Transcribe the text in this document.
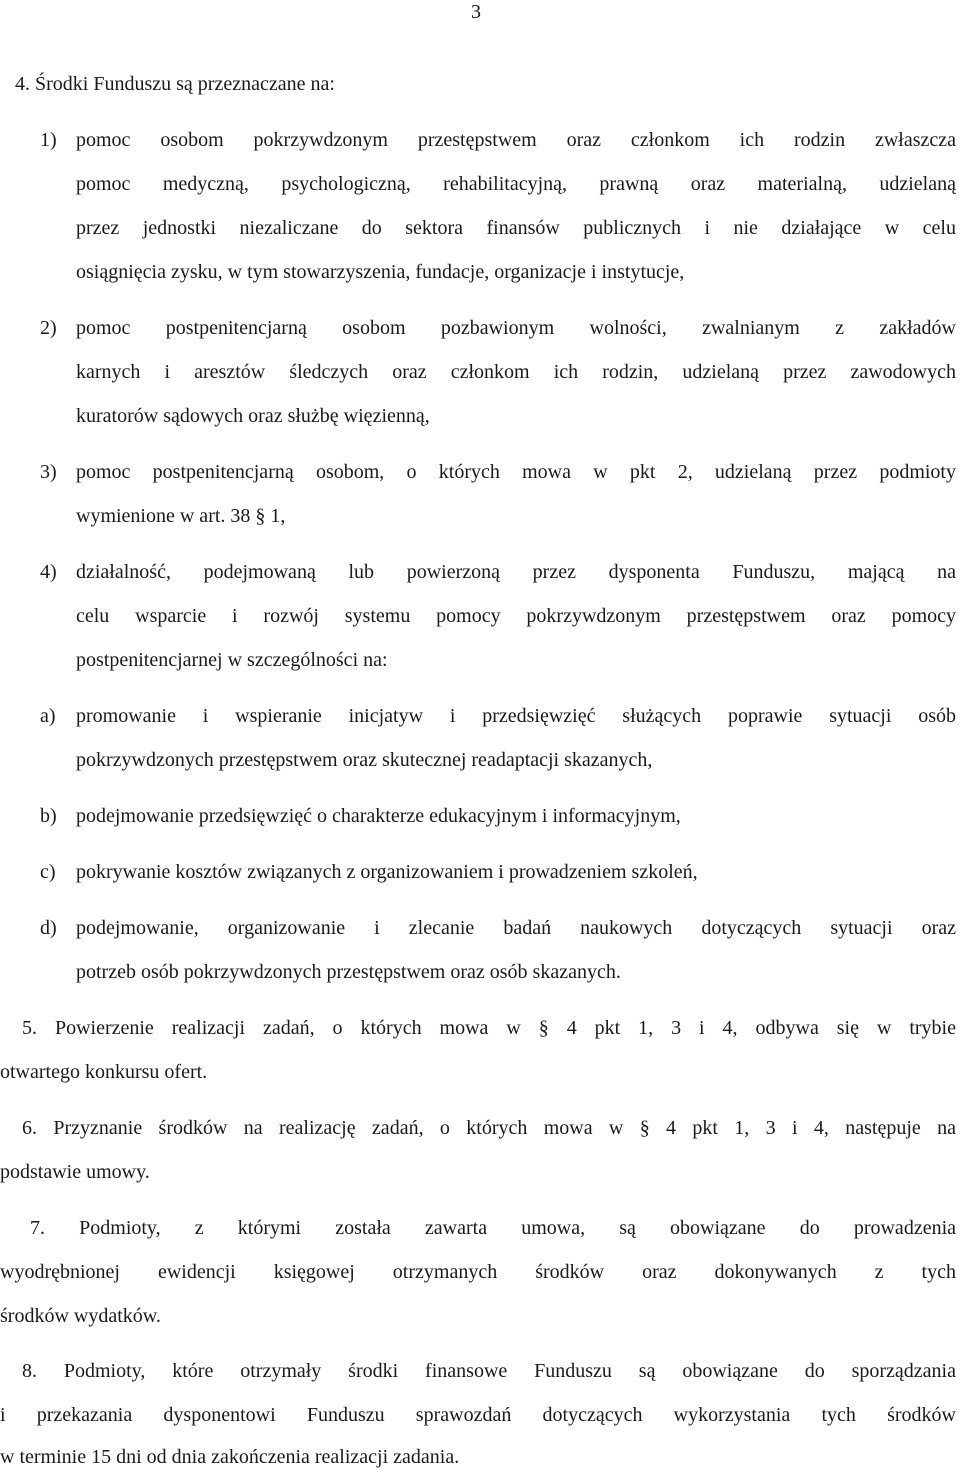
3
4. Środki Funduszu są przeznaczane na:
1) pomoc osobom pokrzywdzonym przestępstwem oraz członkom ich rodzin zwłaszcza
pomoc medyczną, psychologiczną, rehabilitacyjną, prawną oraz materialną, udzielaną
przez jednostki niezaliczane do sektora finansów publicznych i nie działające w celu
osiągnięcia zysku, w tym stowarzyszenia, fundacje, organizacje i instytucje,
2) pomoc postpenitencjarną osobom pozbawionym wolności, zwalnianym z zakładów
karnych i aresztów śledczych oraz członkom ich rodzin, udzielaną przez zawodowych
kuratorów sądowych oraz służbę więzienną,
3) pomoc postpenitencjarną osobom, o których mowa w pkt 2, udzielaną przez podmioty
wymienione w art. 38 § 1,
4) działalność, podejmowaną lub powierzoną przez dysponenta Funduszu, mającą na
celu wsparcie i rozwój systemu pomocy pokrzywdzonym przestępstwem oraz pomocy
postpenitencjarnej w szczególności na:
a) promowanie i wspieranie inicjatyw i przedsięwzięć służących poprawie sytuacji osób
pokrzywdzonych przestępstwem oraz skutecznej readaptacji skazanych,
b) podejmowanie przedsięwzięć o charakterze edukacyjnym i informacyjnym,
c) pokrywanie kosztów związanych z organizowaniem i prowadzeniem szkoleń,
d) podejmowanie, organizowanie i zlecanie badań naukowych dotyczących sytuacji oraz
potrzeb osób pokrzywdzonych przestępstwem oraz osób skazanych.
5. Powierzenie realizacji zadań, o których mowa w § 4 pkt 1, 3 i 4, odbywa się w trybie
otwartego konkursu ofert.
6. Przyznanie środków na realizację zadań, o których mowa w § 4 pkt 1, 3 i 4, następuje na
podstawie umowy.
7. Podmioty, z którymi została zawarta umowa, są obowiązane do prowadzenia
wyodrębnionej ewidencji księgowej otrzymanych środków oraz dokonywanych z tych
środków wydatków.
8. Podmioty, które otrzymały środki finansowe Funduszu są obowiązane do sporządzania
i przekazania dysponentowi Funduszu sprawozdań dotyczących wykorzystania tych środków
w terminie 15 dni od dnia zakończenia realizacji zadania.
